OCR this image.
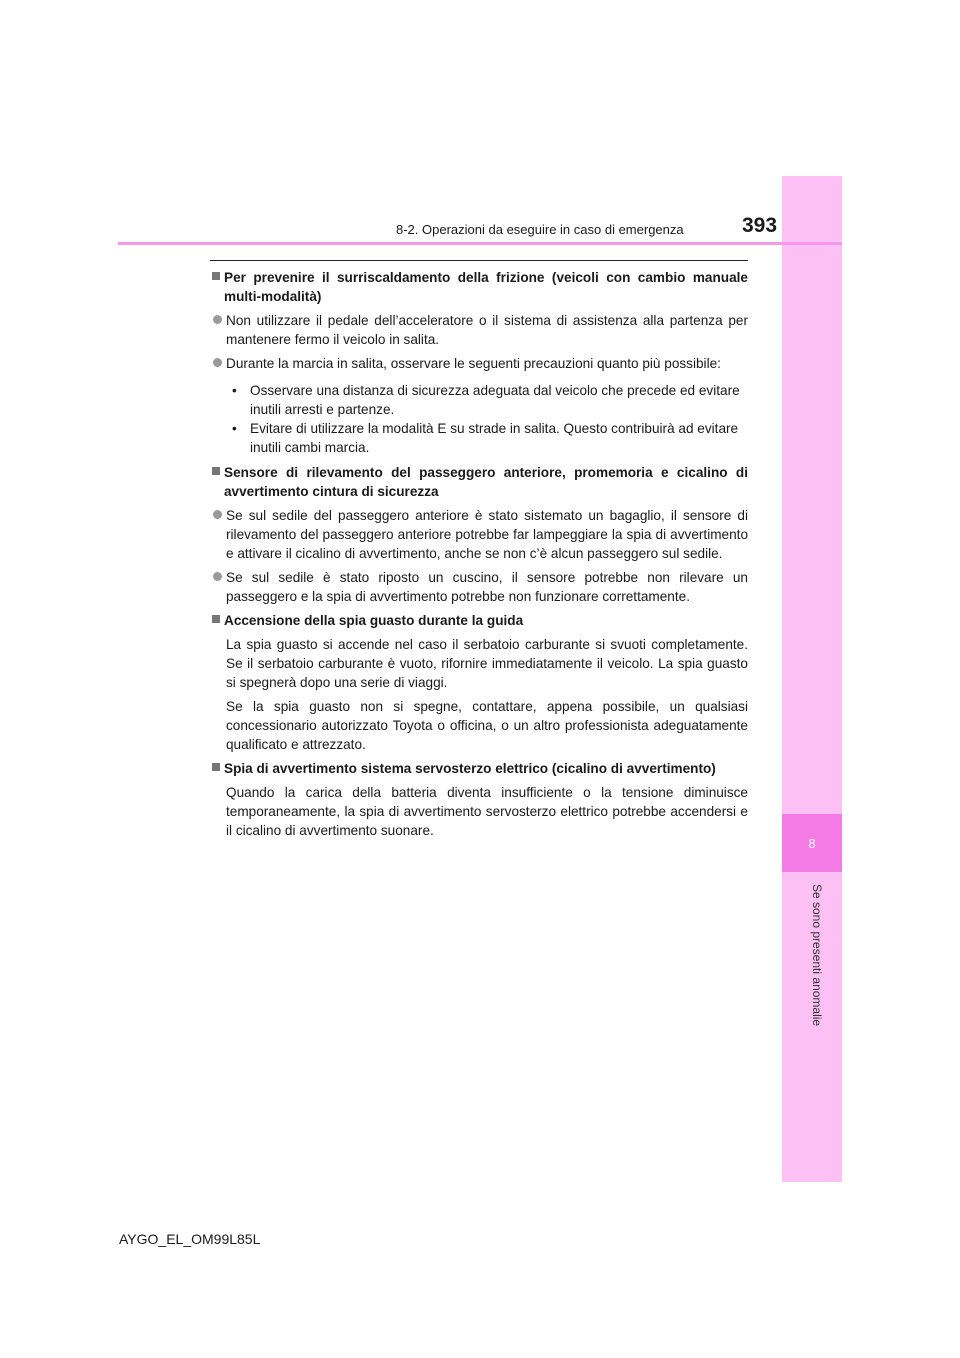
8
Se sono presenti anomalie
8-2. Operazioni da eseguire in caso di emergenza	393
Per prevenire il surriscaldamento della frizione (veicoli con cambio manuale multi-modalità)
Non utilizzare il pedale dell’acceleratore o il sistema di assistenza alla partenza per mantenere fermo il veicolo in salita.
Durante la marcia in salita, osservare le seguenti precauzioni quanto più possibile:
• Osservare una distanza di sicurezza adeguata dal veicolo che precede ed evitare inutili arresti e partenze.
• Evitare di utilizzare la modalità E su strade in salita. Questo contribuirà ad evitare inutili cambi marcia.
Sensore di rilevamento del passeggero anteriore, promemoria e cicalino di avvertimento cintura di sicurezza
Se sul sedile del passeggero anteriore è stato sistemato un bagaglio, il sensore di rilevamento del passeggero anteriore potrebbe far lampeggiare la spia di avvertimento e attivare il cicalino di avvertimento, anche se non c’è alcun passeggero sul sedile.
Se sul sedile è stato riposto un cuscino, il sensore potrebbe non rilevare un passeggero e la spia di avvertimento potrebbe non funzionare correttamente.
Accensione della spia guasto durante la guida
La spia guasto si accende nel caso il serbatoio carburante si svuoti completamente. Se il serbatoio carburante è vuoto, rifornire immediatamente il veicolo. La spia guasto si spegnerà dopo una serie di viaggi.
Se la spia guasto non si spegne, contattare, appena possibile, un qualsiasi concessionario autorizzato Toyota o officina, o un altro professionista adeguatamente qualificato e attrezzato.
Spia di avvertimento sistema servosterzo elettrico (cicalino di avvertimento)
Quando la carica della batteria diventa insufficiente o la tensione diminuisce temporaneamente, la spia di avvertimento servosterzo elettrico potrebbe accendersi e il cicalino di avvertimento suonare.
AYGO_EL_OM99L85L
